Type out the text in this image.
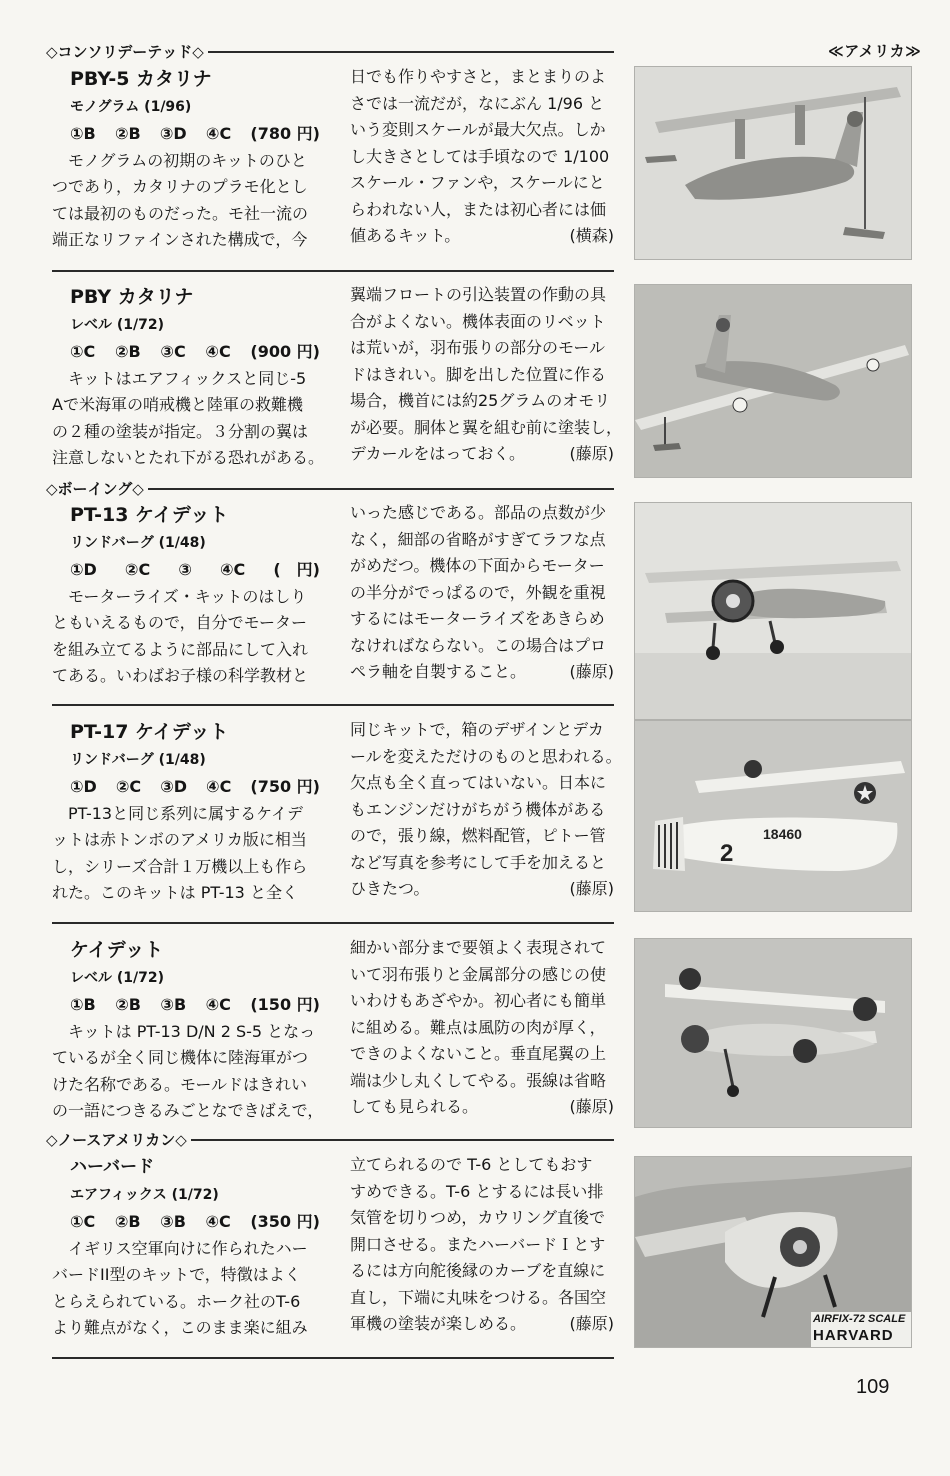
◇コンソリデーテッド◇	≪アメリカ≫
◇ボーイング◇
◇ノースアメリカン◇
PBY-5 カタリナ
モノグラム (1/96)
①B ②B ③D ④C (780 円)
モノグラムの初期のキットのひと
つであり，カタリナのプラモ化とし
ては最初のものだった。モ社一流の
端正なリファインされた構成で，今
日でも作りやすさと，まとまりのよ
さでは一流だが，なにぶん 1/96 と
いう変則スケールが最大欠点。しか
し大きさとしては手頃なので 1/100
スケール・ファンや，スケールにと
らわれない人，または初心者には価
値あるキット。	(横森)
PBY カタリナ
レベル (1/72)
①C ②B ③C ④C (900 円)
キットはエアフィックスと同じ-5
Aで米海軍の哨戒機と陸軍の救難機
の２種の塗装が指定。３分割の翼は
注意しないとたれ下がる恐れがある。
翼端フロートの引込装置の作動の具
合がよくない。機体表面のリベット
は荒いが，羽布張りの部分のモール
ドはきれい。脚を出した位置に作る
場合，機首には約25グラムのオモリ
が必要。胴体と翼を組む前に塗装し，
デカールをはっておく。	(藤原)
PT-13 ケイデット
リンドバーグ (1/48)
①D ②C ③ ④C (　円)
モーターライズ・キットのはしり
ともいえるもので，自分でモーター
を組み立てるように部品にして入れ
てある。いわばお子様の科学教材と
いった感じである。部品の点数が少
なく，細部の省略がすぎてラフな点
がめだつ。機体の下面からモーター
の半分がでっぱるので，外観を重視
するにはモーターライズをあきらめ
なければならない。この場合はプロ
ペラ軸を自製すること。	(藤原)
PT-17 ケイデット
リンドバーグ (1/48)
①D ②C ③D ④C (750 円)
PT-13と同じ系列に属するケイデ
ットは赤トンボのアメリカ版に相当
し，シリーズ合計１万機以上も作ら
れた。このキットは PT-13 と全く
同じキットで，箱のデザインとデカ
ールを変えただけのものと思われる。
欠点も全く直ってはいない。日本に
もエンジンだけがちがう機体がある
ので，張り線，燃料配管，ピトー管
など写真を参考にして手を加えると
ひきたつ。	(藤原)
ケイデット
レベル (1/72)
①B ②B ③B ④C (150 円)
キットは PT-13 D/N 2 S-5 となっ
ているが全く同じ機体に陸海軍がつ
けた名称である。モールドはきれい
の一語につきるみごとなできばえで，
細かい部分まで要領よく表現されて
いて羽布張りと金属部分の感じの使
いわけもあざやか。初心者にも簡単
に組める。難点は風防の肉が厚く，
できのよくないこと。垂直尾翼の上
端は少し丸くしてやる。張線は省略
しても見られる。	(藤原)
ハーバード
エアフィックス (1/72)
①C ②B ③B ④C (350 円)
イギリス空軍向けに作られたハー
バードII型のキットで，特徴はよく
とらえられている。ホーク社のT-6
より難点がなく，このまま楽に組み
立てられるので T-6 としてもおす
すめできる。T-6 とするには長い排
気管を切りつめ，カウリング直後で
開口させる。またハーバードＩとす
るには方向舵後縁のカーブを直線に
直し，下端に丸味をつける。各国空
軍機の塗装が楽しめる。	(藤原)
2
18460
AIRFIX-72 SCALE
HARVARD
109
